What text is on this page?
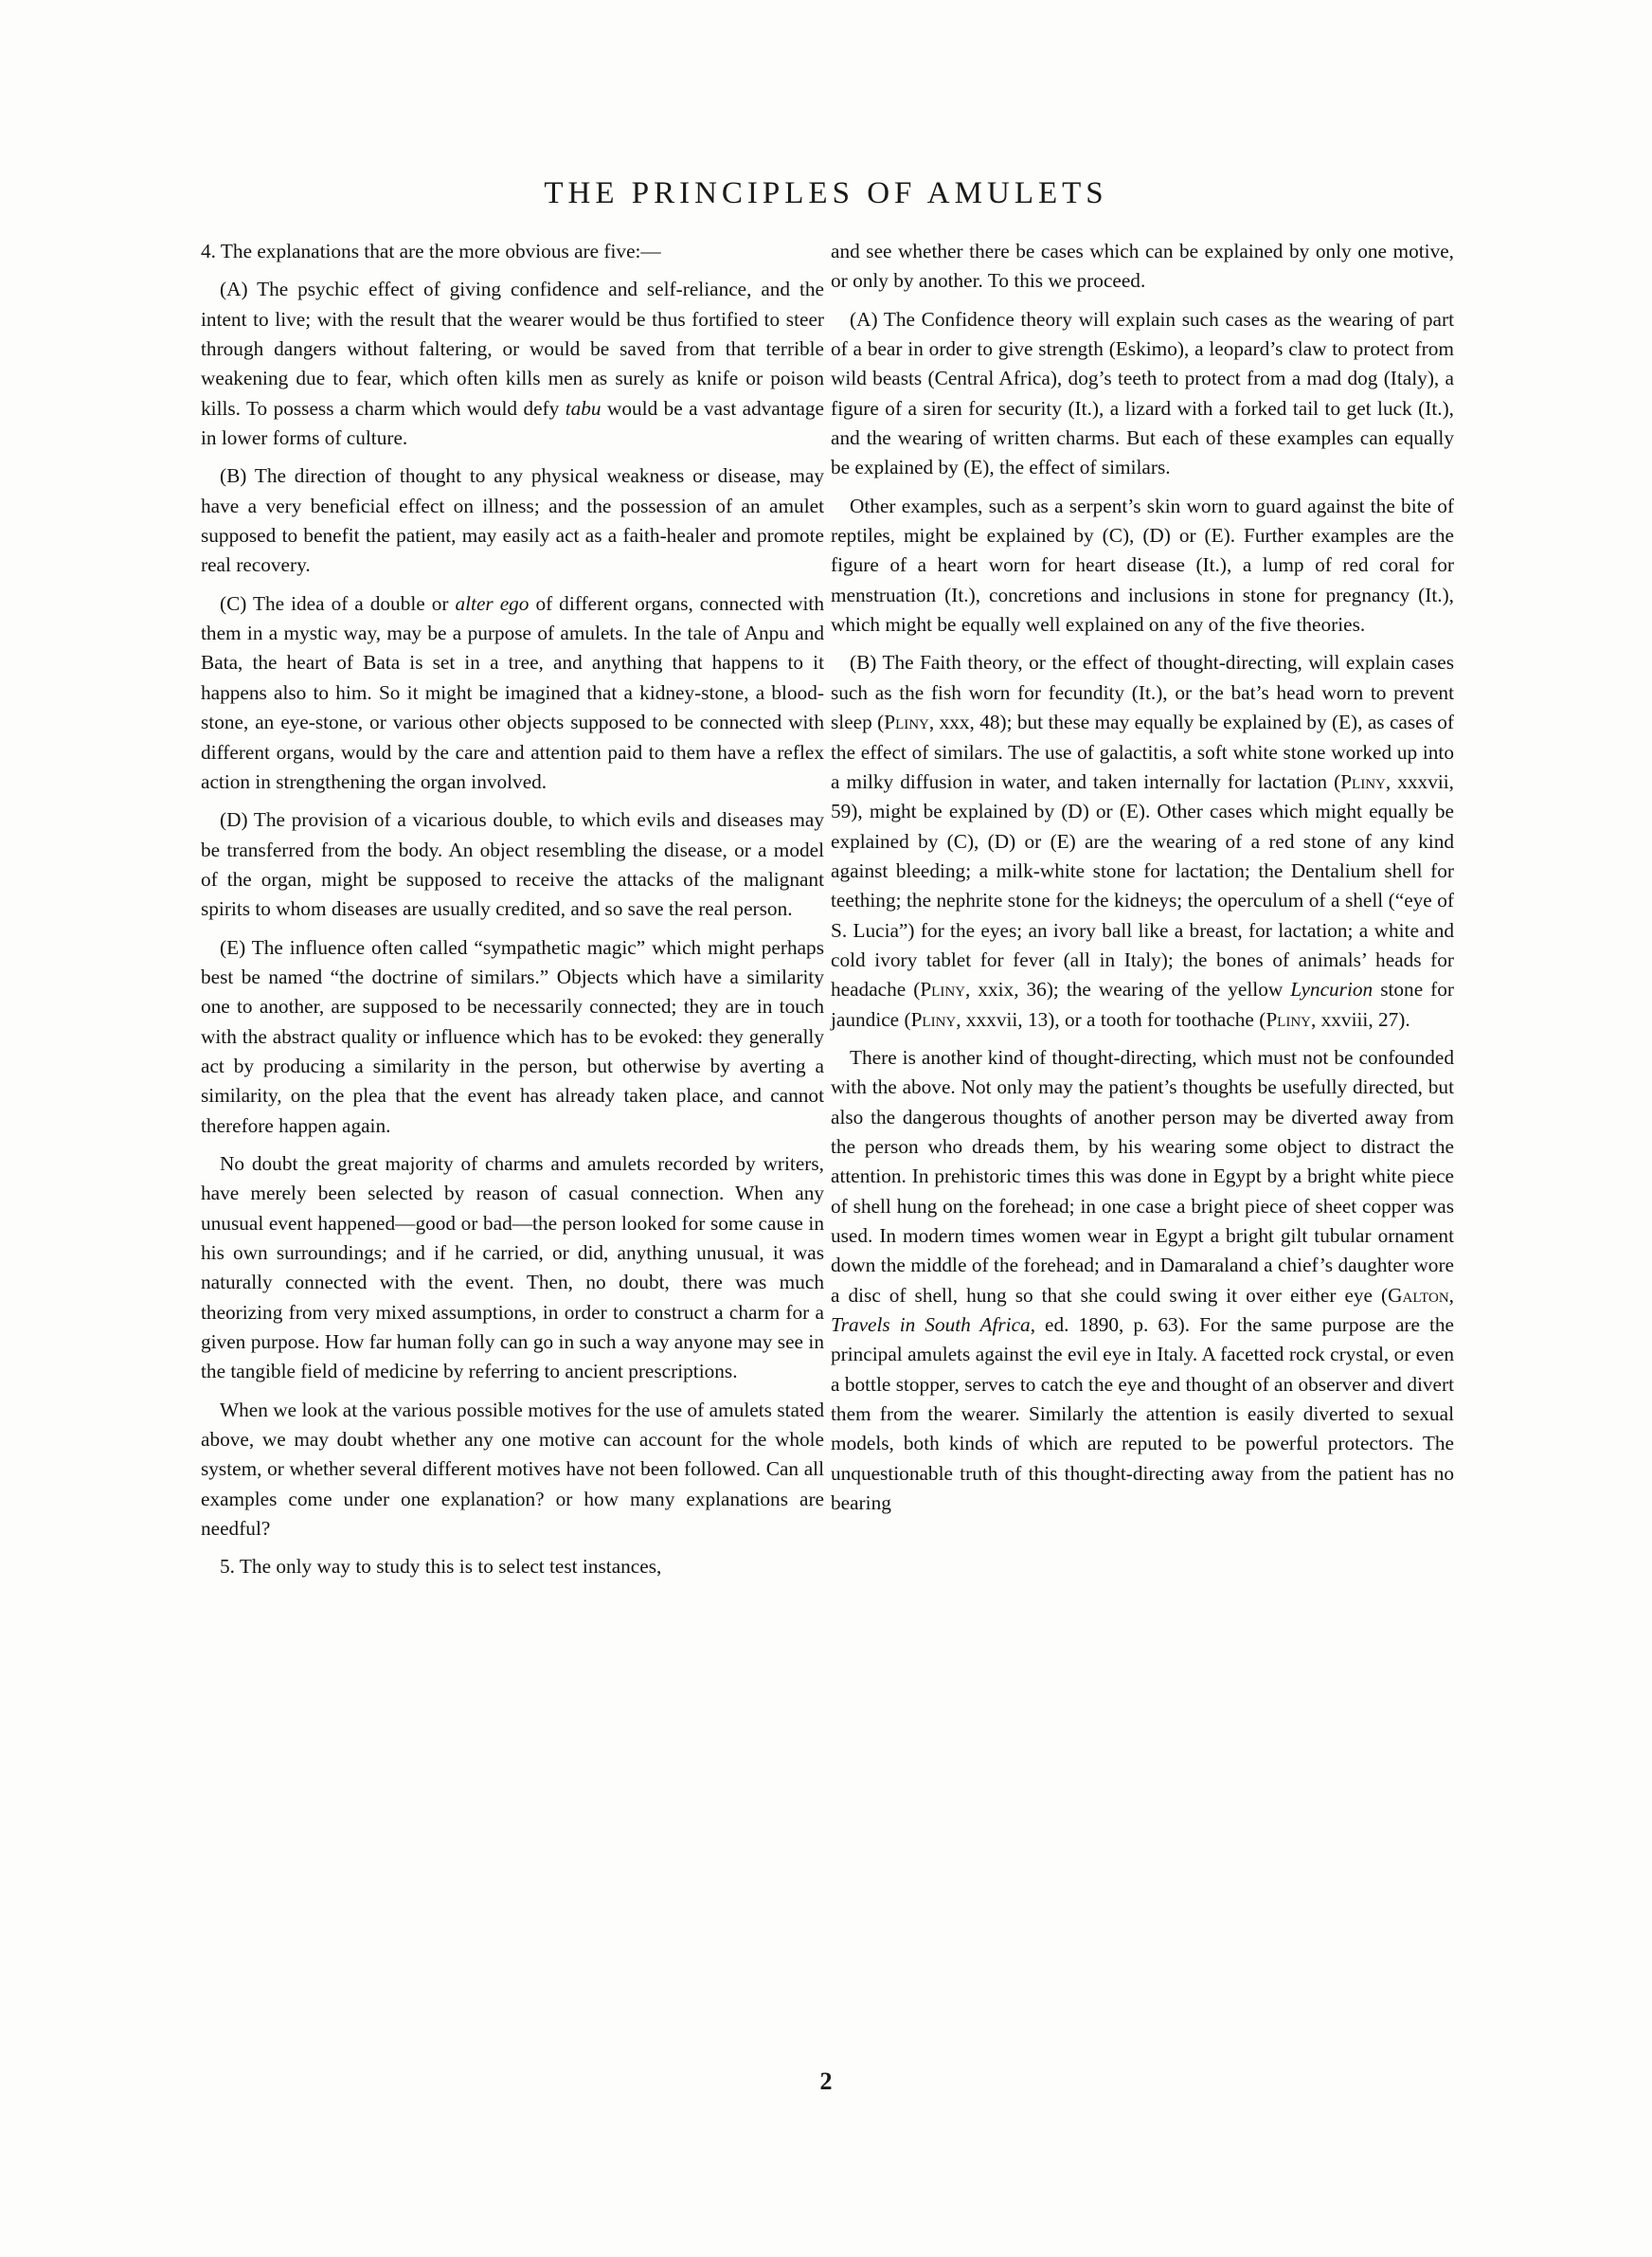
THE PRINCIPLES OF AMULETS

4. The explanations that are the more obvious are five:—

(A) The psychic effect of giving confidence and self-reliance, and the intent to live; with the result that the wearer would be thus fortified to steer through dangers without faltering, or would be saved from that terrible weakening due to fear, which often kills men as surely as knife or poison kills. To possess a charm which would defy tabu would be a vast advantage in lower forms of culture.

(B) The direction of thought to any physical weakness or disease, may have a very beneficial effect on illness; and the possession of an amulet supposed to benefit the patient, may easily act as a faith-healer and promote real recovery.

(C) The idea of a double or alter ego of different organs, connected with them in a mystic way, may be a purpose of amulets. In the tale of Anpu and Bata, the heart of Bata is set in a tree, and anything that happens to it happens also to him. So it might be imagined that a kidney-stone, a blood-stone, an eye-stone, or various other objects supposed to be connected with different organs, would by the care and attention paid to them have a reflex action in strengthening the organ involved.

(D) The provision of a vicarious double, to which evils and diseases may be transferred from the body. An object resembling the disease, or a model of the organ, might be supposed to receive the attacks of the malignant spirits to whom diseases are usually credited, and so save the real person.

(E) The influence often called “sympathetic magic” which might perhaps best be named “the doctrine of similars.” Objects which have a similarity one to another, are supposed to be necessarily connected; they are in touch with the abstract quality or influence which has to be evoked: they generally act by producing a similarity in the person, but otherwise by averting a similarity, on the plea that the event has already taken place, and cannot therefore happen again.

No doubt the great majority of charms and amulets recorded by writers, have merely been selected by reason of casual connection. When any unusual event happened—good or bad—the person looked for some cause in his own surroundings; and if he carried, or did, anything unusual, it was naturally connected with the event. Then, no doubt, there was much theorizing from very mixed assumptions, in order to construct a charm for a given purpose. How far human folly can go in such a way anyone may see in the tangible field of medicine by referring to ancient prescriptions.

When we look at the various possible motives for the use of amulets stated above, we may doubt whether any one motive can account for the whole system, or whether several different motives have not been followed. Can all examples come under one explanation? or how many explanations are needful?

5. The only way to study this is to select test instances,

and see whether there be cases which can be explained by only one motive, or only by another. To this we proceed.

(A) The Confidence theory will explain such cases as the wearing of part of a bear in order to give strength (Eskimo), a leopard’s claw to protect from wild beasts (Central Africa), dog’s teeth to protect from a mad dog (Italy), a figure of a siren for security (It.), a lizard with a forked tail to get luck (It.), and the wearing of written charms. But each of these examples can equally be explained by (E), the effect of similars.

Other examples, such as a serpent’s skin worn to guard against the bite of reptiles, might be explained by (C), (D) or (E). Further examples are the figure of a heart worn for heart disease (It.), a lump of red coral for menstruation (It.), concretions and inclusions in stone for pregnancy (It.), which might be equally well explained on any of the five theories.

(B) The Faith theory, or the effect of thought-directing, will explain cases such as the fish worn for fecundity (It.), or the bat’s head worn to prevent sleep (Pliny, xxx, 48); but these may equally be explained by (E), as cases of the effect of similars. The use of galactitis, a soft white stone worked up into a milky diffusion in water, and taken internally for lactation (Pliny, xxxvii, 59), might be explained by (D) or (E). Other cases which might equally be explained by (C), (D) or (E) are the wearing of a red stone of any kind against bleeding; a milk-white stone for lactation; the Dentalium shell for teething; the nephrite stone for the kidneys; the operculum of a shell (“eye of S. Lucia”) for the eyes; an ivory ball like a breast, for lactation; a white and cold ivory tablet for fever (all in Italy); the bones of animals’ heads for headache (Pliny, xxix, 36); the wearing of the yellow Lyncurion stone for jaundice (Pliny, xxxvii, 13), or a tooth for toothache (Pliny, xxviii, 27).

There is another kind of thought-directing, which must not be confounded with the above. Not only may the patient’s thoughts be usefully directed, but also the dangerous thoughts of another person may be diverted away from the person who dreads them, by his wearing some object to distract the attention. In prehistoric times this was done in Egypt by a bright white piece of shell hung on the forehead; in one case a bright piece of sheet copper was used. In modern times women wear in Egypt a bright gilt tubular ornament down the middle of the forehead; and in Damaraland a chief’s daughter wore a disc of shell, hung so that she could swing it over either eye (Galton, Travels in South Africa, ed. 1890, p. 63). For the same purpose are the principal amulets against the evil eye in Italy. A facetted rock crystal, or even a bottle stopper, serves to catch the eye and thought of an observer and divert them from the wearer. Similarly the attention is easily diverted to sexual models, both kinds of which are reputed to be powerful protectors. The unquestionable truth of this thought-directing away from the patient has no bearing

2
